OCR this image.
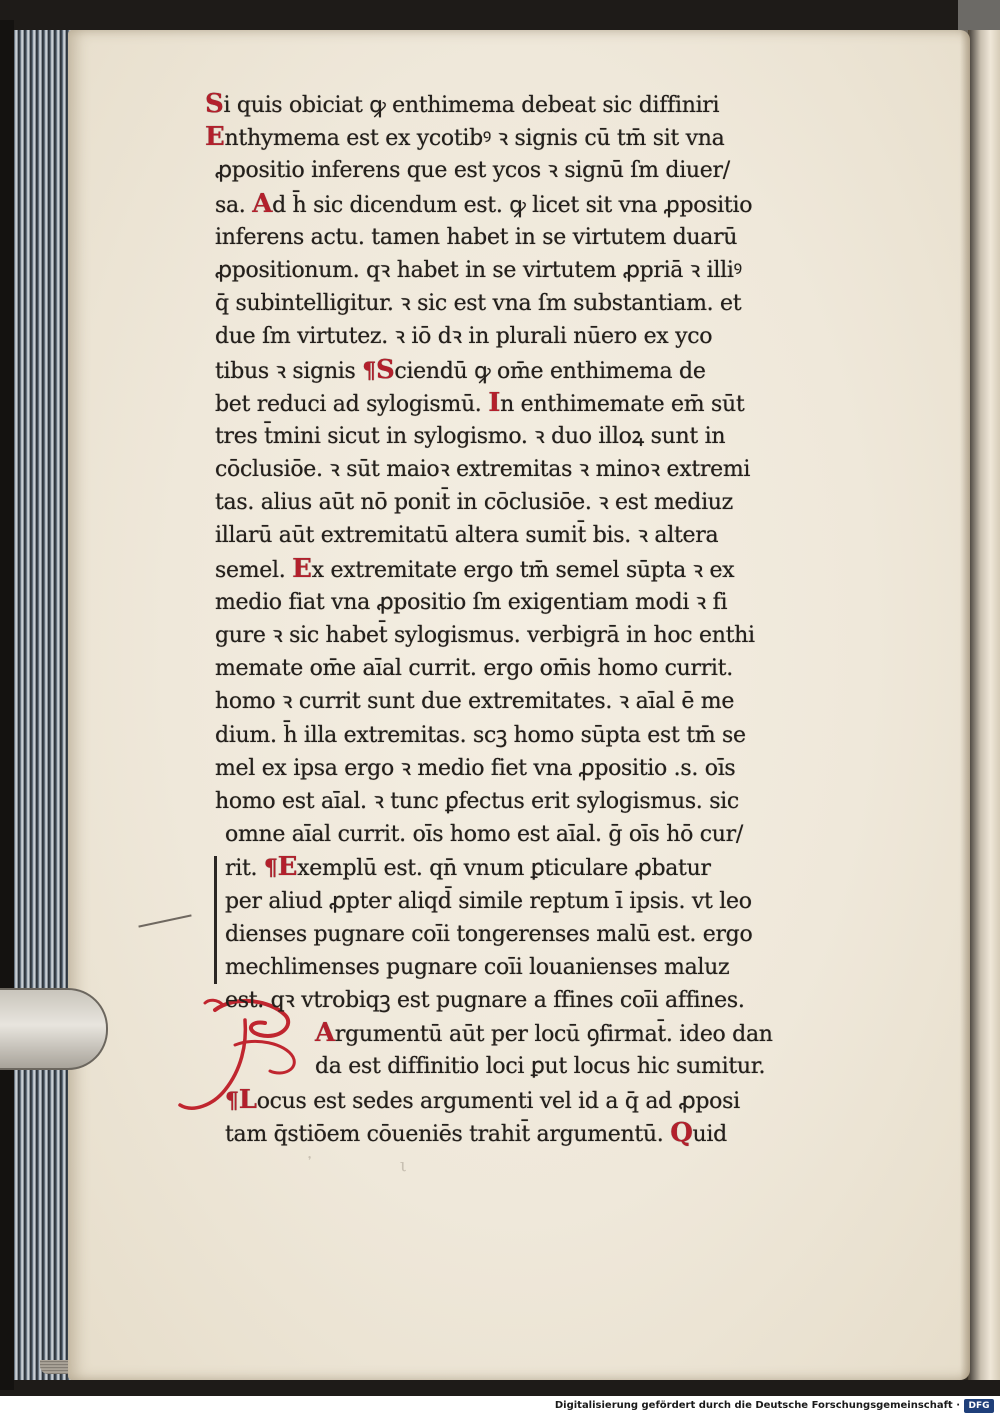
Si quis obiciat ꝙ enthimema debeat sic diffiniri
Enthymema est ex ycotibꝰ ꝛ signis cū tm̄ sit vna
ꝓpositio inferens que est ycos ꝛ signū ſm diuer/
sa. Ad h̄ sic dicendum est. ꝙ licet sit vna ꝓpositio
inferens actu. tamen habet in se virtutem duarū
ꝓpositionum. qꝛ habet in se virtutem ꝓpriā ꝛ illiꝰ
q̄ subintelligitur. ꝛ sic est vna ſm substantiam. et
due ſm virtutez. ꝛ iō dꝛ in plurali nūero ex yco
tibus ꝛ signis ¶Sciendū ꝙ om̄e enthimema de
bet reduci ad sylogismū. In enthimemate em̄ sūt
tres t̄mini sicut in sylogismo. ꝛ duo illoꝝ sunt in
cōclusiōe. ꝛ sūt maioꝛ extremitas ꝛ minoꝛ extremi
tas. alius aūt nō ponit̄ in cōclusiōe. ꝛ est mediuz
illarū aūt extremitatū altera sumit̄ bis. ꝛ altera
semel. Ex extremitate ergo tm̄ semel sūpta ꝛ ex
medio fiat vna ꝓpositio ſm exigentiam modi ꝛ fi
gure ꝛ sic habet̄ sylogismus. verbigrā in hoc enthi
memate om̄e aīal currit. ergo om̄is homo currit.
homo ꝛ currit sunt due extremitates. ꝛ aīal ē me
dium. h̄ illa extremitas. scꝫ homo sūpta est tm̄ se
mel ex ipsa ergo ꝛ medio fiet vna ꝓpositio .s. oīs
homo est aīal. ꝛ tunc ꝑfectus erit sylogismus. sic
omne aīal currit. oīs homo est aīal. ḡ oīs hō cur/
rit. ¶Exemplū est. qn̄ vnum ꝑticulare ꝓbatur
per aliud ꝓpter aliqd̄ simile reptum ī ipsis. vt leo
dienses pugnare coīi tongerenses malū est. ergo
mechlimenses pugnare coīi louanienses maluz
est. qꝛ vtrobiqꝫ est pugnare a ffines coīi affines.
Argumentū aūt per locū ꝯfirmat̄. ideo dan
da est diffinitio loci ꝑut locus hic sumitur.
¶Locus est sedes argumenti vel id a q̄ ad ꝓposi
tam q̄stiōem cōueniēs trahit̄ argumentū. Quid
᾿ ι
Digitalisierung gefördert durch die Deutsche Forschungsgemeinschaft · DFG
